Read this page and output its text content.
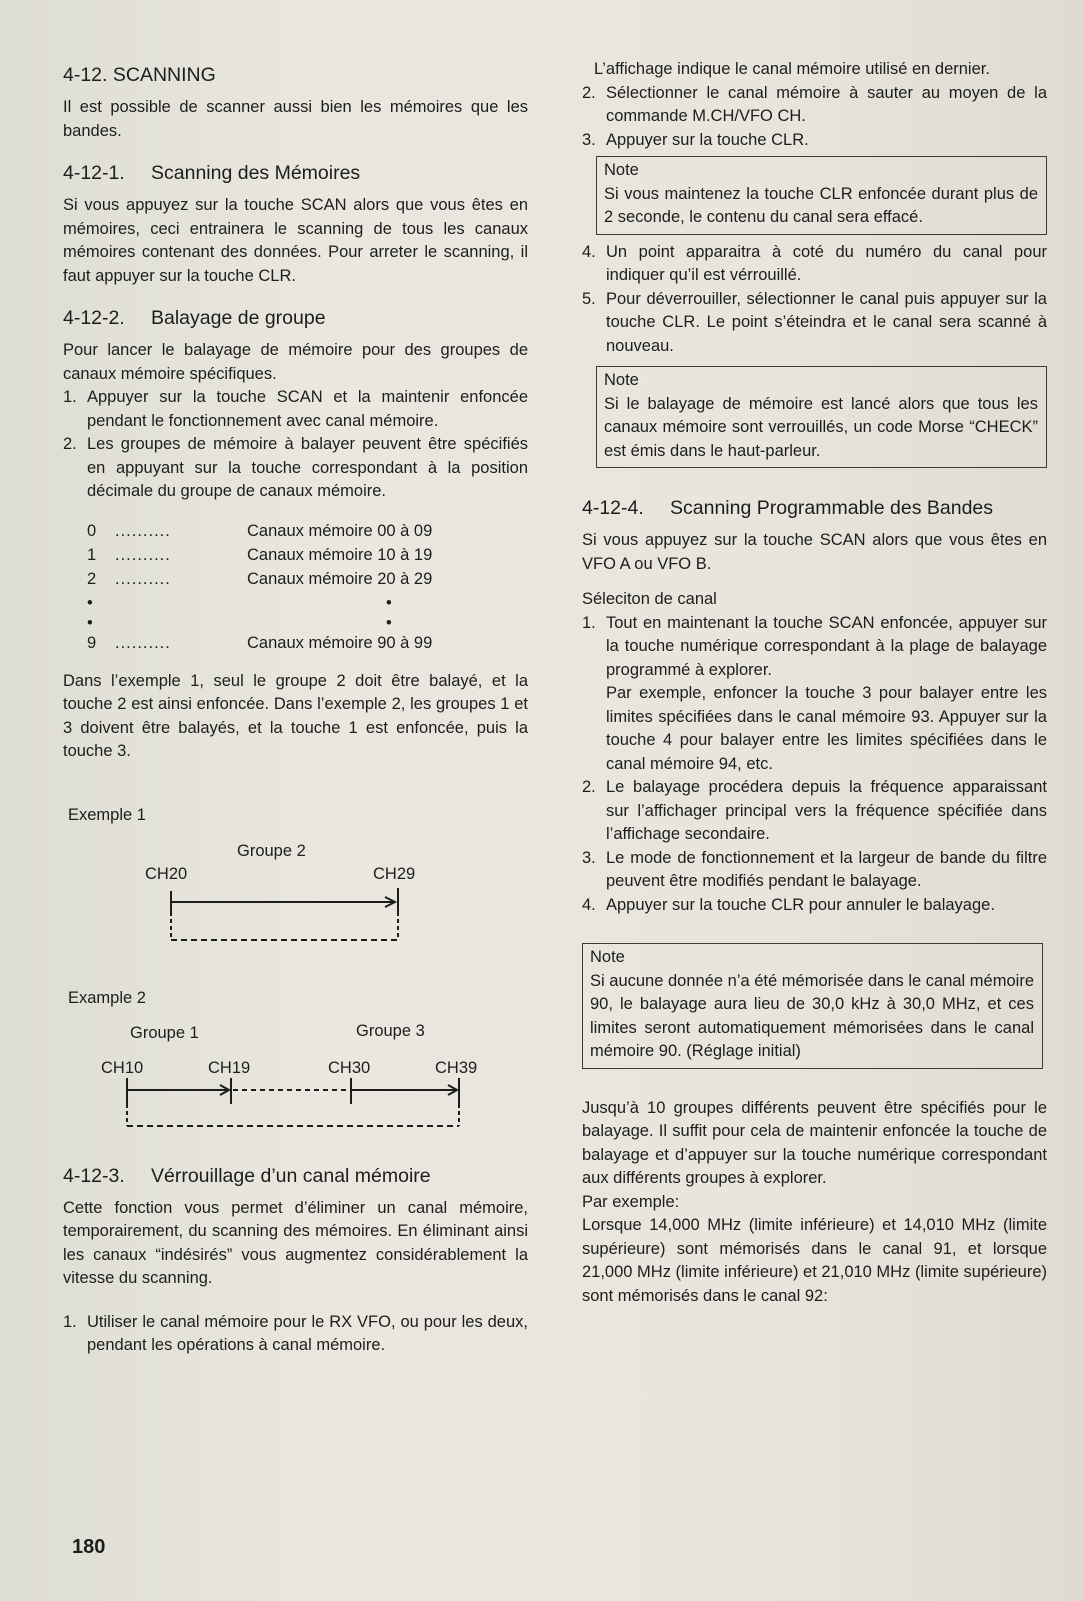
4-12. SCANNING

Il est possible de scanner aussi bien les mémoires que les bandes.

4-12-1. Scanning des Mémoires

Si vous appuyez sur la touche SCAN alors que vous êtes en mémoires, ceci entrainera le scanning de tous les canaux mémoires contenant des données. Pour arreter le scanning, il faut appuyer sur la touche CLR.

4-12-2. Balayage de groupe

Pour lancer le balayage de mémoire pour des groupes de canaux mémoire spécifiques.

1. Appuyer sur la touche SCAN et la maintenir enfoncée pendant le fonctionnement avec canal mémoire.
2. Les groupes de mémoire à balayer peuvent être spécifiés en appuyant sur la touche correspondant à la position décimale du groupe de canaux mémoire.
0	..........	Canaux mémoire 00 à 09
1	..........	Canaux mémoire 10 à 19
2	..........	Canaux mémoire 20 à 29
•	•
•	•
9	..........	Canaux mémoire 90 à 99

Dans l’exemple 1, seul le groupe 2 doit être balayé, et la touche 2 est ainsi enfoncée. Dans l’exemple 2, les groupes 1 et 3 doivent être balayés, et la touche 1 est enfoncée, puis la touche 3.

Exemple 1
Groupe 2
CH20	CH29
Example 2
Groupe 1	Groupe 3
CH10	CH19	CH30	CH39
4-12-3. Vérrouillage d’un canal mémoire

Cette fonction vous permet d’éliminer un canal mémoire, temporairement, du scanning des mémoires. En éliminant ainsi les canaux “indésirés” vous augmentez considérablement la vitesse du scanning.

1. Utiliser le canal mémoire pour le RX VFO, ou pour les deux, pendant les opérations à canal mémoire.

L’affichage indique le canal mémoire utilisé en dernier.

2. Sélectionner le canal mémoire à sauter au moyen de la commande M.CH/VFO CH.
3. Appuyer sur la touche CLR.
Note

Si vous maintenez la touche CLR enfoncée durant plus de 2 seconde, le contenu du canal sera effacé.

4. Un point apparaitra à coté du numéro du canal pour indiquer qu’il est vérrouillé.
5. Pour déverrouiller, sélectionner le canal puis appuyer sur la touche CLR. Le point s’éteindra et le canal sera scanné à nouveau.
Note

Si le balayage de mémoire est lancé alors que tous les canaux mémoire sont verrouillés, un code Morse “CHECK” est émis dans le haut-parleur.

4-12-4.	Scanning Programmable des Bandes

Si vous appuyez sur la touche SCAN alors que vous êtes en VFO A ou VFO B.

Séleciton de canal
1. Tout en maintenant la touche SCAN enfoncée, appuyer sur la touche numérique correspondant à la plage de balayage programmé à explorer.
Par exemple, enfoncer la touche 3 pour balayer entre les limites spécifiées dans le canal mémoire 93. Appuyer sur la touche 4 pour balayer entre les limites spécifiées dans le canal mémoire 94, etc.
2. Le balayage procédera depuis la fréquence apparaissant sur l’affichager principal vers la fréquence spécifiée dans l’affichage secondaire.
3. Le mode de fonctionnement et la largeur de bande du filtre peuvent être modifiés pendant le balayage.
4. Appuyer sur la touche CLR pour annuler le balayage.
Note

Si aucune donnée n’a été mémorisée dans le canal mémoire 90, le balayage aura lieu de 30,0 kHz à 30,0 MHz, et ces limites seront automatiquement mémorisées dans le canal mémoire 90. (Réglage initial)

Jusqu’à 10 groupes différents peuvent être spécifiés pour le balayage. Il suffit pour cela de maintenir enfoncée la touche de balayage et d’appuyer sur la touche numérique correspondant aux différents groupes à explorer.

Par exemple:

Lorsque 14,000 MHz (limite inférieure) et 14,010 MHz (limite supérieure) sont mémorisés dans le canal 91, et lorsque 21,000 MHz (limite inférieure) et 21,010 MHz (limite supérieure) sont mémorisés dans le canal 92:

180
